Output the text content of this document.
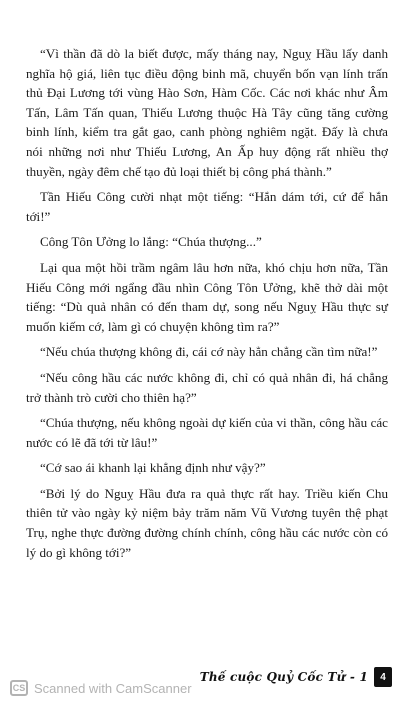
“Vì thần đã dò la biết được, mấy tháng nay, Nguỵ Hầu lấy danh nghĩa hộ giá, liên tục điều động binh mã, chuyển bốn vạn lính trấn thủ Đại Lương tới vùng Hào Sơn, Hàm Cốc. Các nơi khác như Âm Tấn, Lâm Tấn quan, Thiếu Lương thuộc Hà Tây cũng tăng cường binh lính, kiểm tra gắt gao, canh phòng nghiêm ngặt. Đấy là chưa nói những nơi như Thiếu Lương, An Ấp huy động rất nhiều thợ thuyền, ngày đêm chế tạo đủ loại thiết bị công phá thành.”

Tần Hiếu Công cười nhạt một tiếng: “Hắn dám tới, cứ để hắn tới!”

Công Tôn Ưởng lo lắng: “Chúa thượng...”

Lại qua một hồi trầm ngâm lâu hơn nữa, khó chịu hơn nữa, Tần Hiếu Công mới ngẩng đầu nhìn Công Tôn Ưởng, khẽ thở dài một tiếng: “Dù quả nhân có đến tham dự, song nếu Nguỵ Hầu thực sự muốn kiếm cớ, làm gì có chuyện không tìm ra?”

“Nếu chúa thượng không đi, cái cớ này hẳn chẳng cần tìm nữa!”

“Nếu công hầu các nước không đi, chỉ có quả nhân đi, há chẳng trở thành trò cười cho thiên hạ?”

“Chúa thượng, nếu không ngoài dự kiến của vi thần, công hầu các nước có lẽ đã tới từ lâu!”

“Cớ sao ái khanh lại khẳng định như vậy?”

“Bởi lý do Nguỵ Hầu đưa ra quả thực rất hay. Triều kiến Chu thiên tử vào ngày kỷ niệm bảy trăm năm Vũ Vương tuyên thệ phạt Trụ, nghe thực đường đường chính chính, công hầu các nước còn có lý do gì không tới?”

Thế cuộc Quỷ Cốc Tử - 1	4
CS Scanned with CamScanner
